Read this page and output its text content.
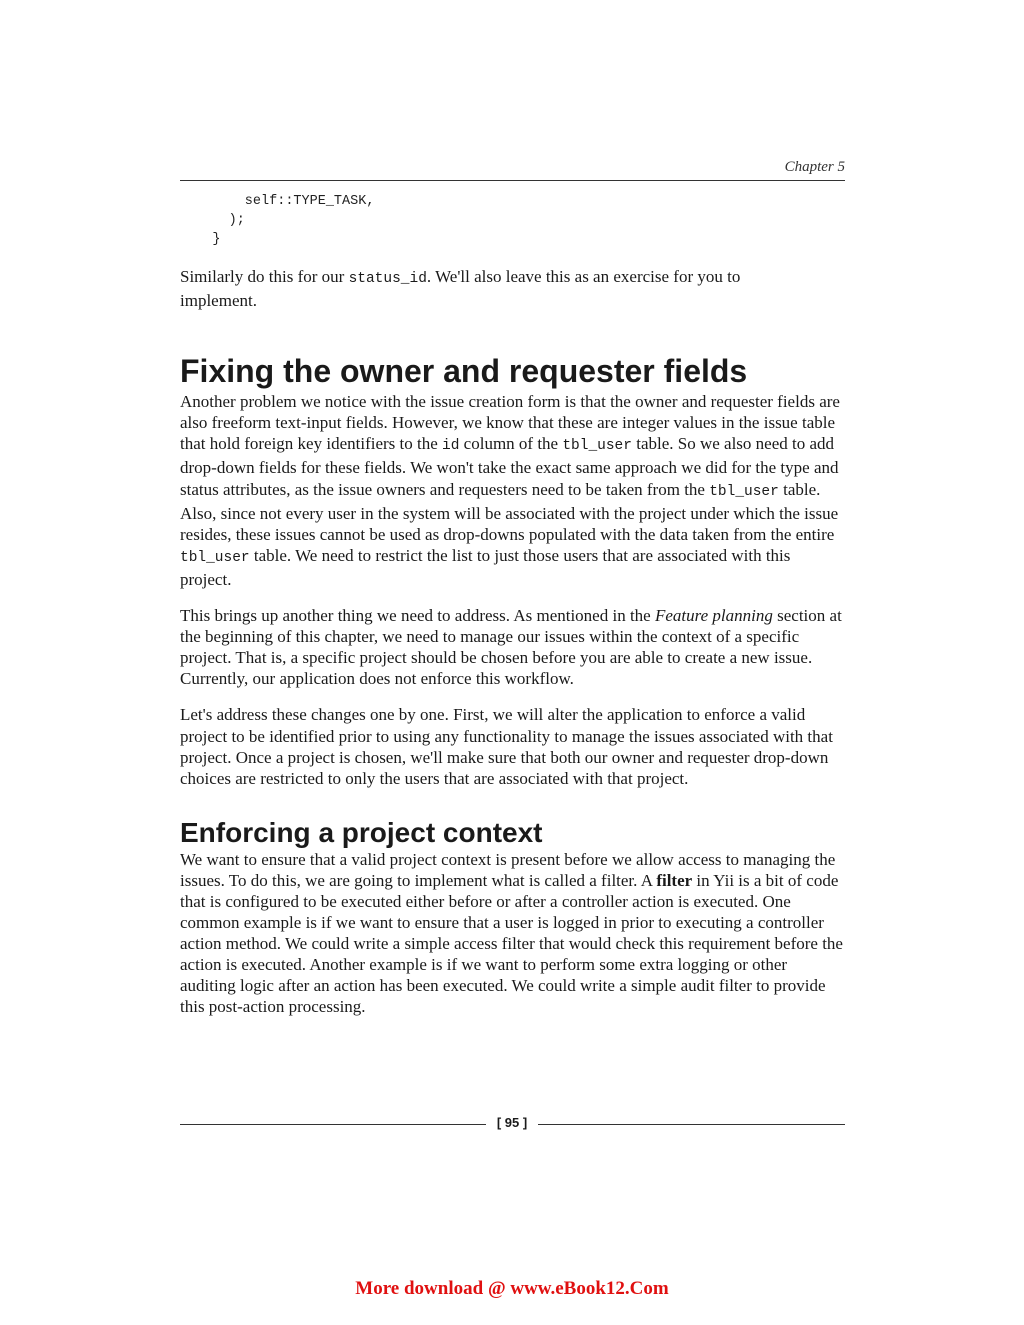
Chapter 5
self::TYPE_TASK,
);
}

Similarly do this for our status_id. We'll also leave this as an exercise for you to implement.

Fixing the owner and requester fields

Another problem we notice with the issue creation form is that the owner and requester fields are also freeform text-input fields. However, we know that these are integer values in the issue table that hold foreign key identifiers to the id column of the tbl_user table. So we also need to add drop-down fields for these fields. We won't take the exact same approach we did for the type and status attributes, as the issue owners and requesters need to be taken from the tbl_user table. Also, since not every user in the system will be associated with the project under which the issue resides, these issues cannot be used as drop-downs populated with the data taken from the entire tbl_user table. We need to restrict the list to just those users that are associated with this project.

This brings up another thing we need to address. As mentioned in the Feature planning section at the beginning of this chapter, we need to manage our issues within the context of a specific project. That is, a specific project should be chosen before you are able to create a new issue. Currently, our application does not enforce this workflow.

Let's address these changes one by one. First, we will alter the application to enforce a valid project to be identified prior to using any functionality to manage the issues associated with that project. Once a project is chosen, we'll make sure that both our owner and requester drop-down choices are restricted to only the users that are associated with that project.

Enforcing a project context

We want to ensure that a valid project context is present before we allow access to managing the issues. To do this, we are going to implement what is called a filter. A filter in Yii is a bit of code that is configured to be executed either before or after a controller action is executed. One common example is if we want to ensure that a user is logged in prior to executing a controller action method. We could write a simple access filter that would check this requirement before the action is executed. Another example is if we want to perform some extra logging or other auditing logic after an action has been executed. We could write a simple audit filter to provide this post-action processing.

[ 95 ]
More download @ www.eBook12.Com
